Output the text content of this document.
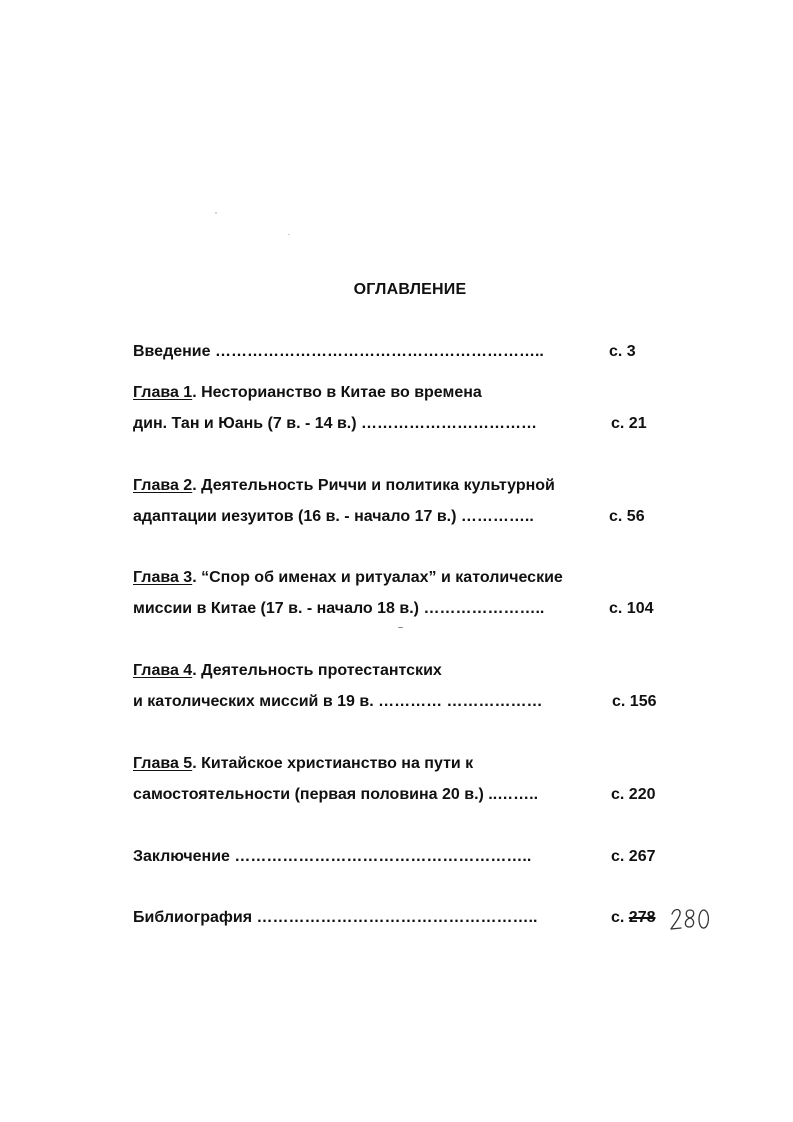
ОГЛАВЛЕНИЕ
Введение ……………………………………………………..	с. 3
Глава 1. Несторианство в Китае во времена
дин. Тан и Юань (7 в. - 14 в.) ……………………………	с. 21
Глава 2. Деятельность Риччи и политика культурной
адаптации иезуитов (16 в. - начало 17 в.) …………..	с. 56
Глава 3. “Спор об именах и ритуалах” и католические
миссии в Китае (17 в. - начало 18 в.) …………………..	с. 104
Глава 4. Деятельность протестантских
и католических миссий в 19 в. ………… ………………	с. 156
Глава 5. Китайское христианство на пути к
самостоятельности (первая половина 20 в.) ..……..	с. 220
Заключение ………………………………………………..	с. 267
Библиография ……………………………………………..	с. 278
